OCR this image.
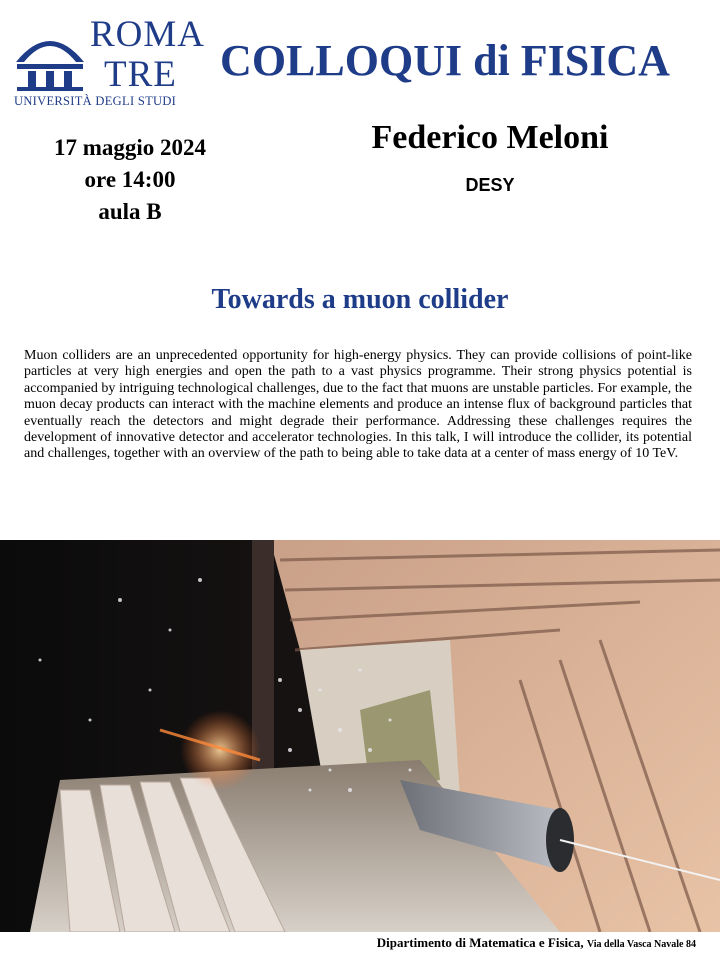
ROMA
TRE
UNIVERSITÀ DEGLI STUDI
COLLOQUI di FISICA
17 maggio 2024
ore 14:00
aula B
Federico Meloni
DESY
Towards a muon collider
Muon colliders are an unprecedented opportunity for high-energy physics. They can provide collisions of point-like particles at very high energies and open the path to a vast physics programme. Their strong physics potential is accompanied by intriguing technological challenges, due to the fact that muons are unstable particles. For example, the muon decay products can interact with the machine elements and produce an intense flux of background particles that eventually reach the detectors and might degrade their performance. Addressing these challenges requires the development of innovative detector and accelerator technologies. In this talk, I will introduce the collider, its potential and challenges, together with an overview of the path to being able to take data at a center of mass energy of 10 TeV.
Dipartimento di Matematica e Fisica, Via della Vasca Navale 84
